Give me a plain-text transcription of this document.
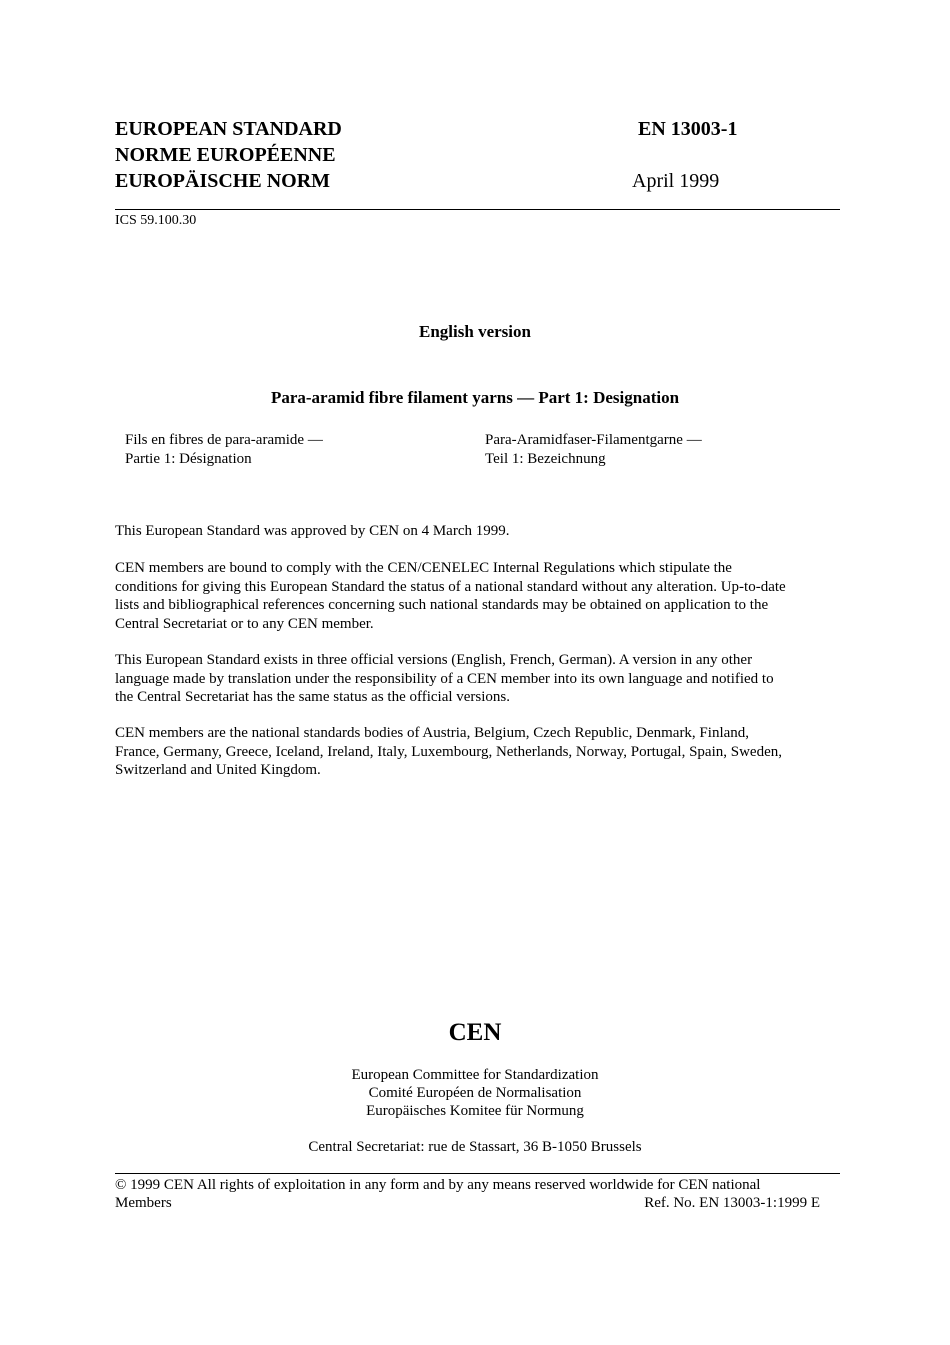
EUROPEAN STANDARD
NORME EUROPÉENNE
EUROPÄISCHE NORM
EN 13003-1
April 1999
ICS 59.100.30
English version
Para-aramid fibre filament yarns — Part 1: Designation
Fils en fibres de para-aramide —
Partie 1: Désignation
Para-Aramidfaser-Filamentgarne —
Teil 1: Bezeichnung
This European Standard was approved by CEN on 4 March 1999.
CEN members are bound to comply with the CEN/CENELEC Internal Regulations which stipulate the
conditions for giving this European Standard the status of a national standard without any alteration. Up-to-date
lists and bibliographical references concerning such national standards may be obtained on application to the
Central Secretariat or to any CEN member.
This European Standard exists in three official versions (English, French, German). A version in any other
language made by translation under the responsibility of a CEN member into its own language and notified to
the Central Secretariat has the same status as the official versions.
CEN members are the national standards bodies of Austria, Belgium, Czech Republic, Denmark, Finland,
France, Germany, Greece, Iceland, Ireland, Italy, Luxembourg, Netherlands, Norway, Portugal, Spain, Sweden,
Switzerland and United Kingdom.
CEN
European Committee for Standardization
Comité Européen de Normalisation
Europäisches Komitee für Normung
Central Secretariat: rue de Stassart, 36 B-1050 Brussels
© 1999 CEN All rights of exploitation in any form and by any means reserved worldwide for CEN national
Members	Ref. No. EN 13003-1:1999 E
